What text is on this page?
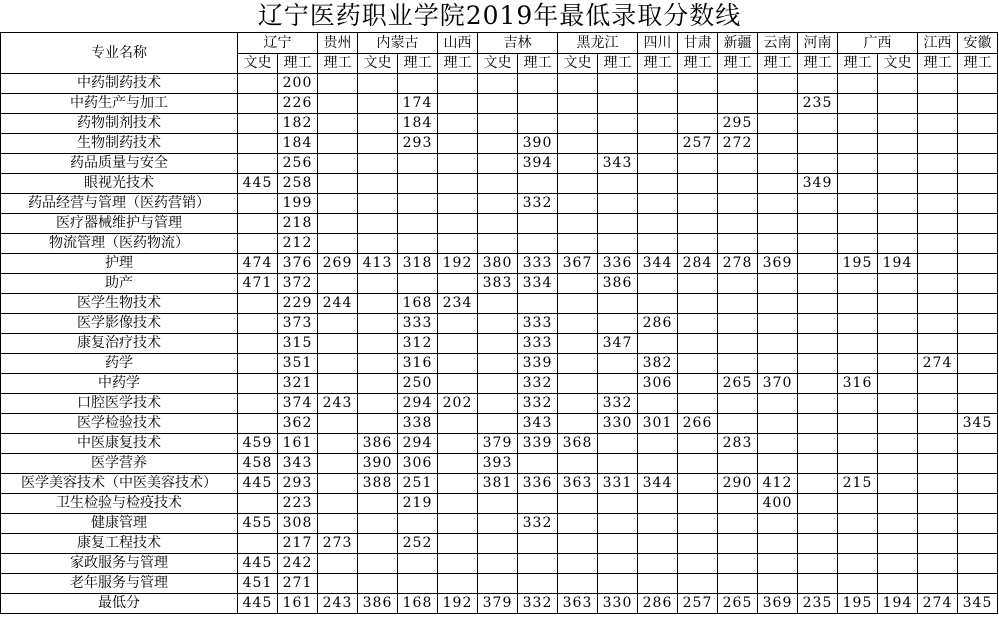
辽宁医药职业学院2019年最低录取分数线
专业名称	辽宁		贵州	内蒙古		山西	吉林		黑龙江		四川	甘肃	新疆	云南	河南	广西		江西	安徽
	文史	理工	理工	文史	理工	理工	文史	理工	文史	理工	理工	理工	理工	理工	理工	理工	文史	理工	理工
中药制药技术		200																	
中药生产与加工		226			174										235				
药物制剂技术		182			184								295						
生物制药技术		184			293			390				257	272						
药品质量与安全		256						394		343									
眼视光技术	445	258													349				
药品经营与管理（医药营销）		199						332											
医疗器械维护与管理		218																	
物流管理（医药物流）		212																	
护理	474	376	269	413	318	192	380	333	367	336	344	284	278	369		195	194		
助产	471	372					383	334		386									
医学生物技术		229	244		168	234													
医学影像技术		373			333			333			286								
康复治疗技术		315			312			333		347									
药学		351			316			339			382							274	
中药学		321			250			332			306		265	370		316			
口腔医学技术		374	243		294	202		332		332									
医学检验技术		362			338			343		330	301	266							345
中医康复技术	459	161		386	294		379	339	368				283						
医学营养	458	343		390	306		393												
医学美容技术（中医美容技术）	445	293		388	251		381	336	363	331	344		290	412		215			
卫生检验与检疫技术		223			219									400					
健康管理	455	308						332											
康复工程技术		217	273		252														
家政服务与管理	445	242																	
老年服务与管理	451	271																	
最低分	445	161	243	386	168	192	379	332	363	330	286	257	265	369	235	195	194	274	345
